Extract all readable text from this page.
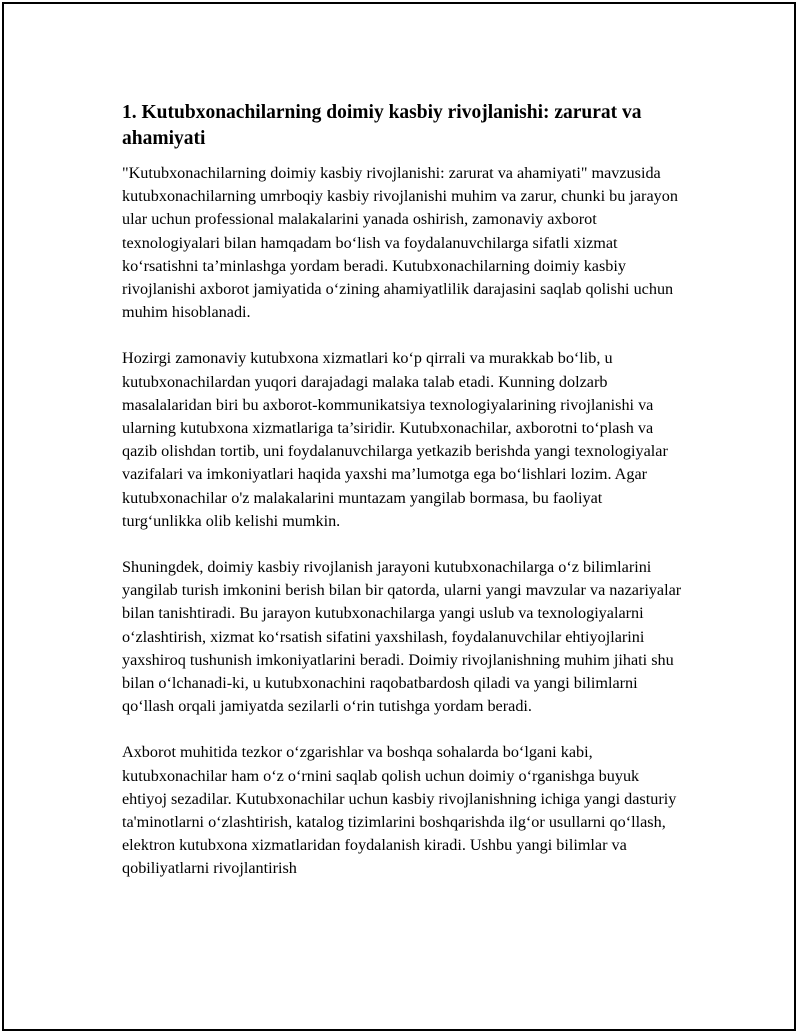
1. Kutubxonachilarning doimiy kasbiy rivojlanishi: zarurat va ahamiyati

"Kutubxonachilarning doimiy kasbiy rivojlanishi: zarurat va ahamiyati" mavzusida kutubxonachilarning umrboqiy kasbiy rivojlanishi muhim va zarur, chunki bu jarayon ular uchun professional malakalarini yanada oshirish, zamonaviy axborot texnologiyalari bilan hamqadam bo‘lish va foydalanuvchilarga sifatli xizmat ko‘rsatishni ta’minlashga yordam beradi. Kutubxonachilarning doimiy kasbiy rivojlanishi axborot jamiyatida o‘zining ahamiyatlilik darajasini saqlab qolishi uchun muhim hisoblanadi.

Hozirgi zamonaviy kutubxona xizmatlari ko‘p qirrali va murakkab bo‘lib, u kutubxonachilardan yuqori darajadagi malaka talab etadi. Kunning dolzarb masalalaridan biri bu axborot-kommunikatsiya texnologiyalarining rivojlanishi va ularning kutubxona xizmatlariga ta’siridir. Kutubxonachilar, axborotni to‘plash va qazib olishdan tortib, uni foydalanuvchilarga yetkazib berishda yangi texnologiyalar vazifalari va imkoniyatlari haqida yaxshi ma’lumotga ega bo‘lishlari lozim. Agar kutubxonachilar o'z malakalarini muntazam yangilab bormasa, bu faoliyat turg‘unlikka olib kelishi mumkin.

Shuningdek, doimiy kasbiy rivojlanish jarayoni kutubxonachilarga o‘z bilimlarini yangilab turish imkonini berish bilan bir qatorda, ularni yangi mavzular va nazariyalar bilan tanishtiradi. Bu jarayon kutubxonachilarga yangi uslub va texnologiyalarni o‘zlashtirish, xizmat ko‘rsatish sifatini yaxshilash, foydalanuvchilar ehtiyojlarini yaxshiroq tushunish imkoniyatlarini beradi. Doimiy rivojlanishning muhim jihati shu bilan o‘lchanadi-ki, u kutubxonachini raqobatbardosh qiladi va yangi bilimlarni qo‘llash orqali jamiyatda sezilarli o‘rin tutishga yordam beradi.

Axborot muhitida tezkor o‘zgarishlar va boshqa sohalarda bo‘lgani kabi, kutubxonachilar ham o‘z o‘rnini saqlab qolish uchun doimiy o‘rganishga buyuk ehtiyoj sezadilar. Kutubxonachilar uchun kasbiy rivojlanishning ichiga yangi dasturiy ta'minotlarni o‘zlashtirish, katalog tizimlarini boshqarishda ilg‘or usullarni qo‘llash, elektron kutubxona xizmatlaridan foydalanish kiradi. Ushbu yangi bilimlar va qobiliyatlarni rivojlantirish
